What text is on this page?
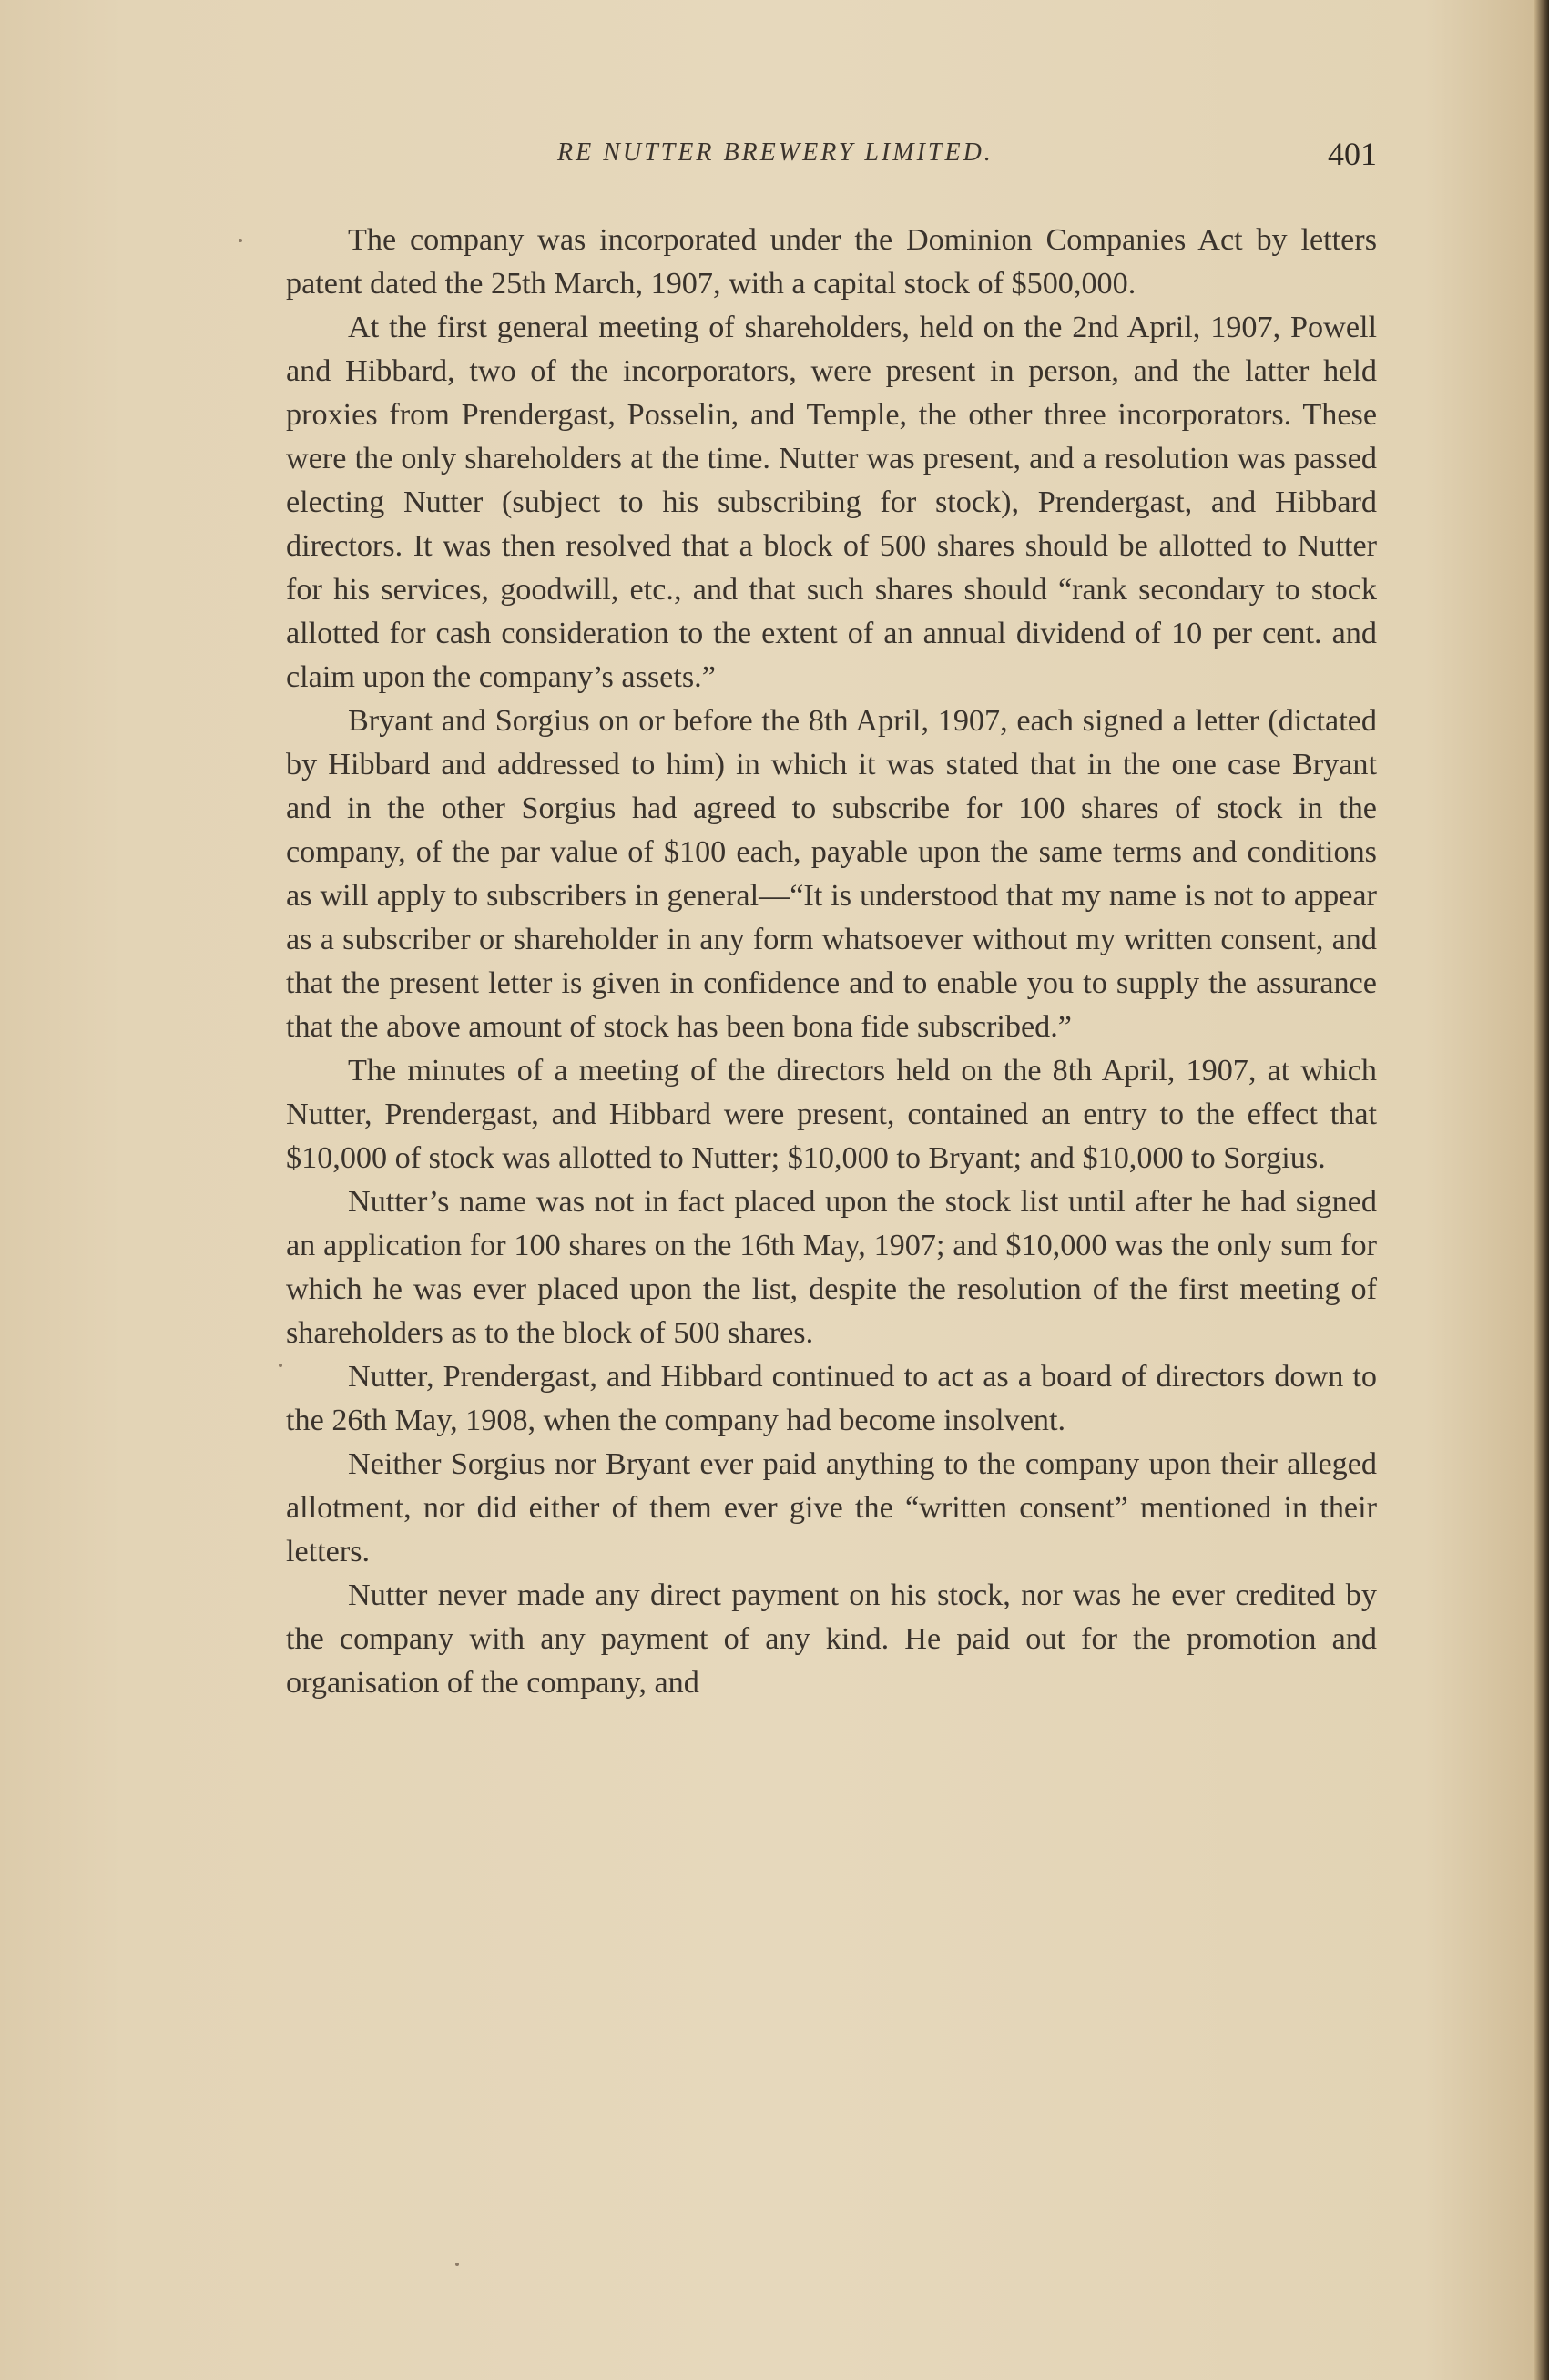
RE NUTTER BREWERY LIMITED.	401

The company was incorporated under the Dominion Companies Act by letters patent dated the 25th March, 1907, with a capital stock of $500,000.

At the first general meeting of shareholders, held on the 2nd April, 1907, Powell and Hibbard, two of the incorporators, were present in person, and the latter held proxies from Prendergast, Posselin, and Temple, the other three incorporators. These were the only shareholders at the time. Nutter was present, and a resolution was passed electing Nutter (subject to his subscribing for stock), Prendergast, and Hibbard directors. It was then resolved that a block of 500 shares should be allotted to Nutter for his services, goodwill, etc., and that such shares should “rank secondary to stock allotted for cash consideration to the extent of an annual dividend of 10 per cent. and claim upon the company’s assets.”

Bryant and Sorgius on or before the 8th April, 1907, each signed a letter (dictated by Hibbard and addressed to him) in which it was stated that in the one case Bryant and in the other Sorgius had agreed to subscribe for 100 shares of stock in the company, of the par value of $100 each, payable upon the same terms and conditions as will apply to subscribers in general—“It is understood that my name is not to appear as a subscriber or shareholder in any form whatsoever without my written consent, and that the present letter is given in confidence and to enable you to supply the assurance that the above amount of stock has been bona fide subscribed.”

The minutes of a meeting of the directors held on the 8th April, 1907, at which Nutter, Prendergast, and Hibbard were present, contained an entry to the effect that $10,000 of stock was allotted to Nutter; $10,000 to Bryant; and $10,000 to Sorgius.

Nutter’s name was not in fact placed upon the stock list until after he had signed an application for 100 shares on the 16th May, 1907; and $10,000 was the only sum for which he was ever placed upon the list, despite the resolution of the first meeting of shareholders as to the block of 500 shares.

Nutter, Prendergast, and Hibbard continued to act as a board of directors down to the 26th May, 1908, when the company had become insolvent.

Neither Sorgius nor Bryant ever paid anything to the company upon their alleged allotment, nor did either of them ever give the “written consent” mentioned in their letters.

Nutter never made any direct payment on his stock, nor was he ever credited by the company with any payment of any kind. He paid out for the promotion and organisation of the company, and
